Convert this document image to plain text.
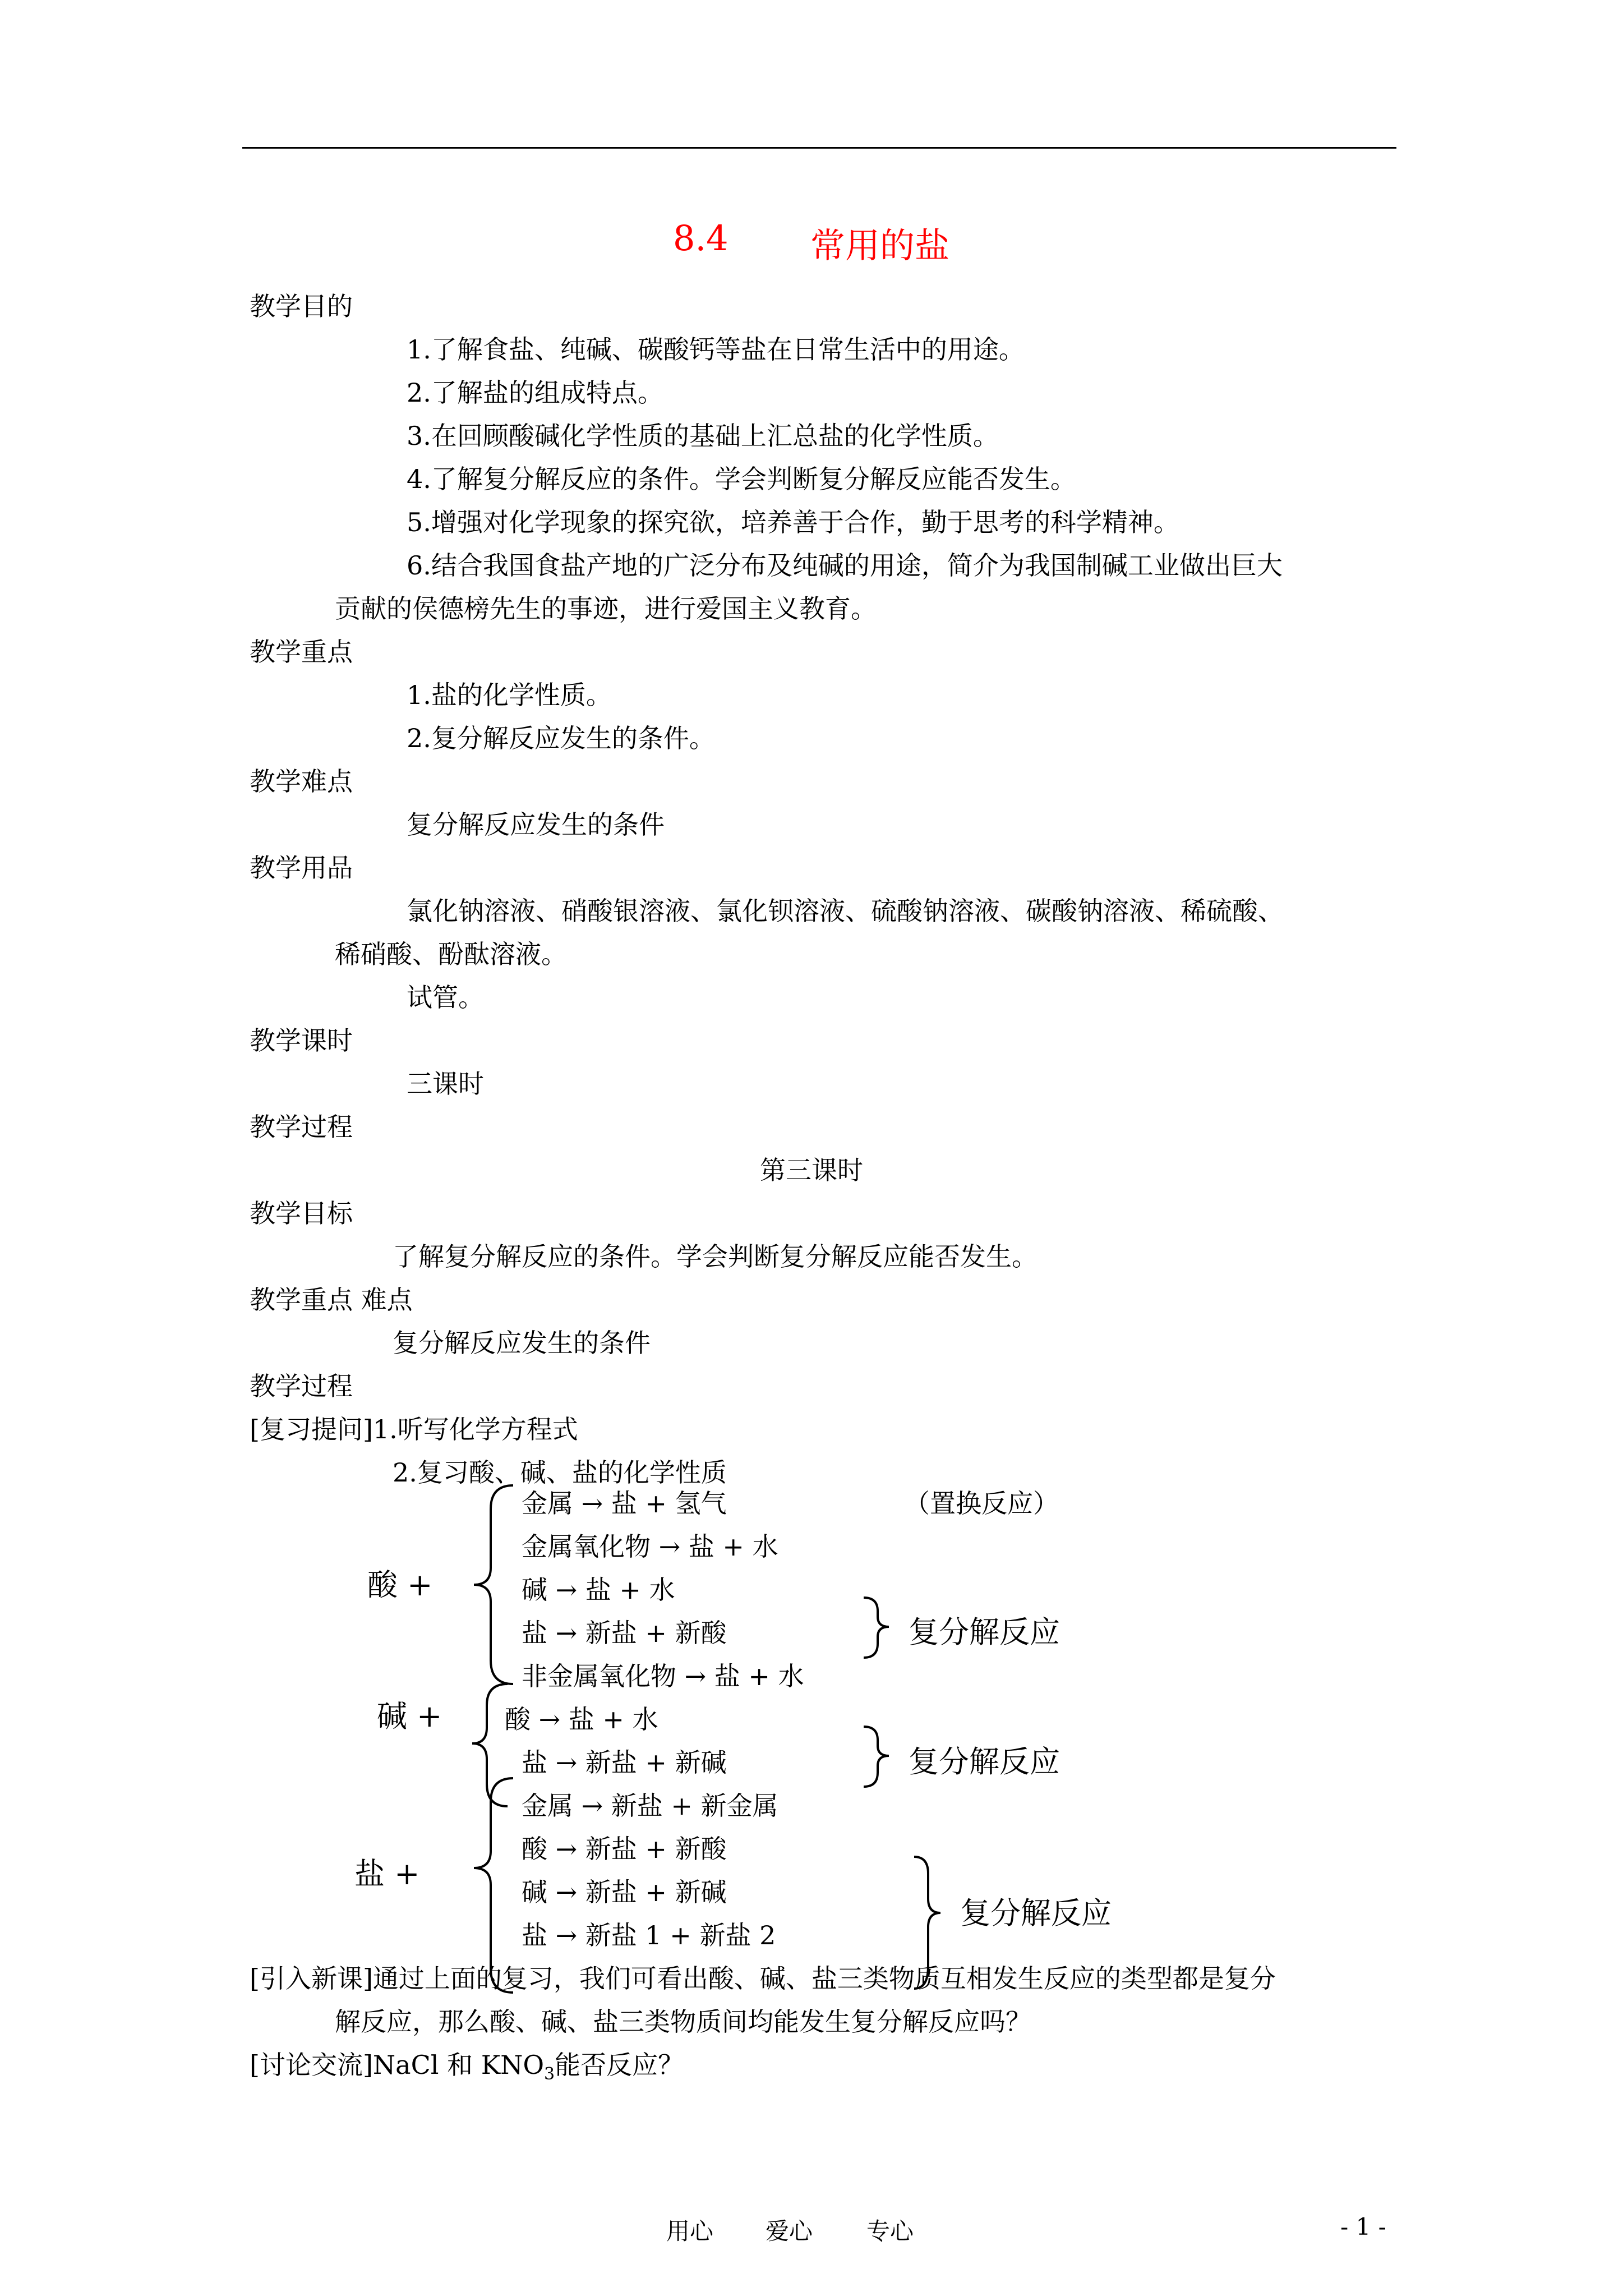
8.4 常用的盐
教学目的
1.了解食盐、纯碱、碳酸钙等盐在日常生活中的用途。
2.了解盐的组成特点。
3.在回顾酸碱化学性质的基础上汇总盐的化学性质。
4.了解复分解反应的条件。学会判断复分解反应能否发生。
5.增强对化学现象的探究欲，培养善于合作，勤于思考的科学精神。
6.结合我国食盐产地的广泛分布及纯碱的用途，简介为我国制碱工业做出巨大
贡献的侯德榜先生的事迹，进行爱国主义教育。
教学重点
1.盐的化学性质。
2.复分解反应发生的条件。
教学难点
复分解反应发生的条件
教学用品
氯化钠溶液、硝酸银溶液、氯化钡溶液、硫酸钠溶液、碳酸钠溶液、稀硫酸、
稀硝酸、酚酞溶液。
试管。
教学课时
三课时
教学过程
第三课时
教学目标
了解复分解反应的条件。学会判断复分解反应能否发生。
教学重点 难点
复分解反应发生的条件
教学过程
[复习提问]1.听写化学方程式
2.复习酸、碱、盐的化学性质
酸 +
金属 → 盐 + 氢气	（置换反应）
金属氧化物 → 盐 + 水
碱 → 盐 + 水
盐 → 新盐 + 新酸	复分解反应
碱 +
非金属氧化物 → 盐 + 水
酸 → 盐 + 水
盐 → 新盐 + 新碱	复分解反应
盐 +
金属 → 新盐 + 新金属
酸 → 新盐 + 新酸
碱 → 新盐 + 新碱
盐 → 新盐 1 + 新盐 2
复分解反应
[引入新课]通过上面的复习，我们可看出酸、碱、盐三类物质互相发生反应的类型都是复分
解反应，那么酸、碱、盐三类物质间均能发生复分解反应吗？
[讨论交流]NaCl 和 $KNO_3$能否反应？
用心 爱心 专心	- 1 -
